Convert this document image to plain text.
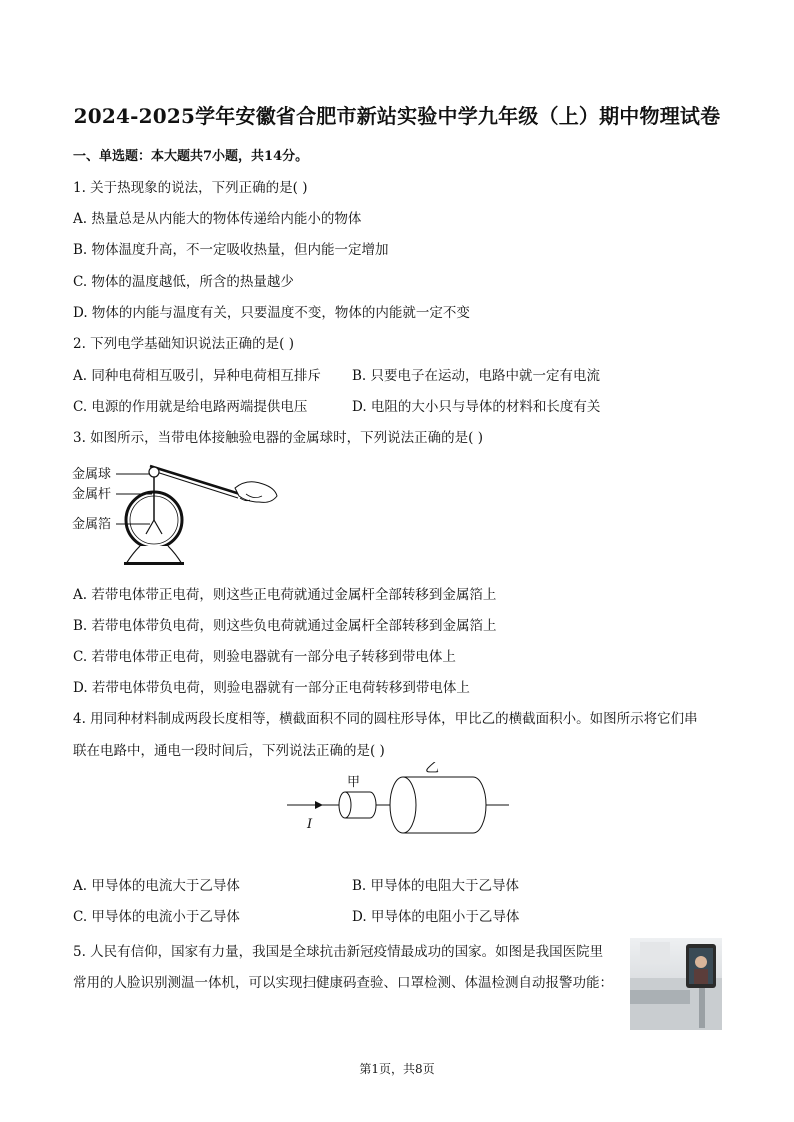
2024-2025学年安徽省合肥市新站实验中学九年级（上）期中物理试卷
一、单选题：本大题共7小题，共14分。
1. 关于热现象的说法，下列正确的是( )
A. 热量总是从内能大的物体传递给内能小的物体
B. 物体温度升高，不一定吸收热量，但内能一定增加
C. 物体的温度越低，所含的热量越少
D. 物体的内能与温度有关，只要温度不变，物体的内能就一定不变
2. 下列电学基础知识说法正确的是( )
A. 同种电荷相互吸引，异种电荷相互排斥 B. 只要电子在运动，电路中就一定有电流
C. 电源的作用就是给电路两端提供电压	D. 电阻的大小只与导体的材料和长度有关
3. 如图所示，当带电体接触验电器的金属球时，下列说法正确的是( )
金属球
金属杆
金属箔
A. 若带电体带正电荷，则这些正电荷就通过金属杆全部转移到金属箔上
B. 若带电体带负电荷，则这些负电荷就通过金属杆全部转移到金属箔上
C. 若带电体带正电荷，则验电器就有一部分电子转移到带电体上
D. 若带电体带负电荷，则验电器就有一部分正电荷转移到带电体上
4. 用同种材料制成两段长度相等，横截面积不同的圆柱形导体，甲比乙的横截面积小。如图所示将它们串
联在电路中，通电一段时间后，下列说法正确的是( )
I
甲
乙
A. 甲导体的电流大于乙导体	B. 甲导体的电阻大于乙导体
C. 甲导体的电流小于乙导体	D. 甲导体的电阻小于乙导体
5. 人民有信仰，国家有力量，我国是全球抗击新冠疫情最成功的国家。如图是我国医院里
常用的人脸识别测温一体机，可以实现扫健康码查验、口罩检测、体温检测自动报警功能：
第1页，共8页
